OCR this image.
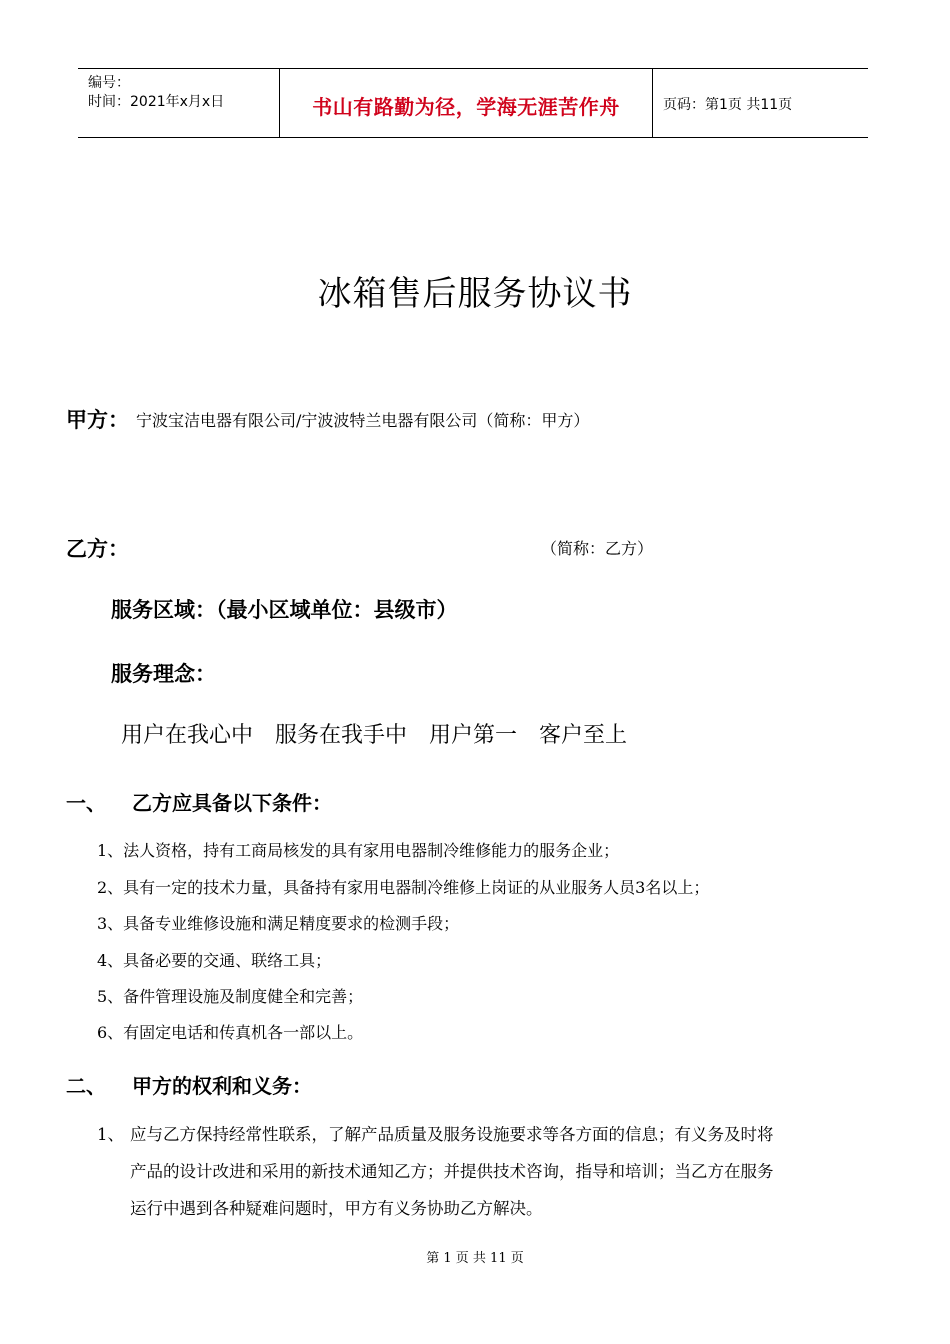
编号：
时间：2021年x月x日	书山有路勤为径，学海无涯苦作舟	页码：第1页 共11页
冰箱售后服务协议书
甲方： 宁波宝洁电器有限公司/宁波波特兰电器有限公司（简称：甲方）
乙方：	（简称：乙方）
服务区域：（最小区域单位：县级市）
服务理念：
用户在我心中 服务在我手中 用户第一 客户至上
一、 乙方应具备以下条件：
1、法人资格，持有工商局核发的具有家用电器制冷维修能力的服务企业；
2、具有一定的技术力量，具备持有家用电器制冷维修上岗证的从业服务人员3名以上；
3、具备专业维修设施和满足精度要求的检测手段；
4、具备必要的交通、联络工具；
5、备件管理设施及制度健全和完善；
6、有固定电话和传真机各一部以上。
二、 甲方的权利和义务：
1、 应与乙方保持经常性联系，了解产品质量及服务设施要求等各方面的信息；有义务及时将
产品的设计改进和采用的新技术通知乙方；并提供技术咨询，指导和培训；当乙方在服务
运行中遇到各种疑难问题时，甲方有义务协助乙方解决。
第 1 页 共 11 页
